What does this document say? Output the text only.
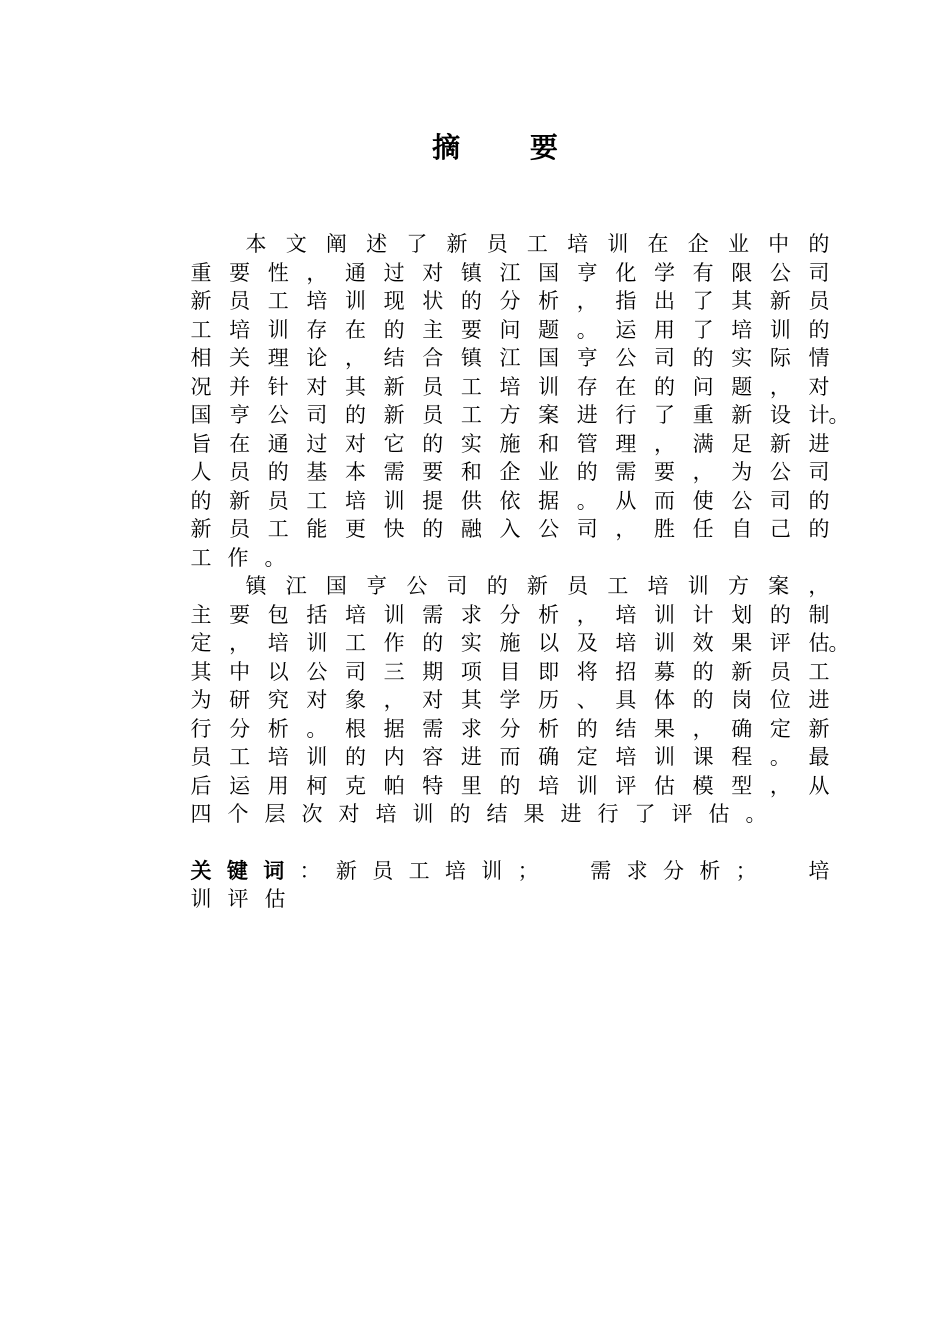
摘 要
本 文 阐 述 了 新 员 工 培 训 在 企 业 中 的
重 要 性 ， 通 过 对 镇 江 国 亨 化 学 有 限 公 司
新 员 工 培 训 现 状 的 分 析 ， 指 出 了 其 新 员
工 培 训 存 在 的 主 要 问 题 。 运 用 了 培 训 的
相 关 理 论 ， 结 合 镇 江 国 亨 公 司 的 实 际 情
况 并 针 对 其 新 员 工 培 训 存 在 的 问 题 ， 对
国 亨 公 司 的 新 员 工 方 案 进 行 了 重 新 设 计 。
旨 在 通 过 对 它 的 实 施 和 管 理 ， 满 足 新 进
人 员 的 基 本 需 要 和 企 业 的 需 要 ， 为 公 司
的 新 员 工 培 训 提 供 依 据 。 从 而 使 公 司 的
新 员 工 能 更 快 的 融 入 公 司 ， 胜 任 自 己 的
工 作 。
镇 江 国 亨 公 司 的 新 员 工 培 训 方 案 ，
主 要 包 括 培 训 需 求 分 析 ， 培 训 计 划 的 制
定 ， 培 训 工 作 的 实 施 以 及 培 训 效 果 评 估 。
其 中 以 公 司 三 期 项 目 即 将 招 募 的 新 员 工
为 研 究 对 象 ， 对 其 学 历 、 具 体 的 岗 位 进
行 分 析 。 根 据 需 求 分 析 的 结 果 ， 确 定 新
员 工 培 训 的 内 容 进 而 确 定 培 训 课 程 。 最
后 运 用 柯 克 帕 特 里 的 培 训 评 估 模 型 ， 从
四 个 层 次 对 培 训 的 结 果 进 行 了 评 估 。
关 键 词 ： 新 员 工 培 训 ；
需 求 分 析 ；
培
训 评 估
